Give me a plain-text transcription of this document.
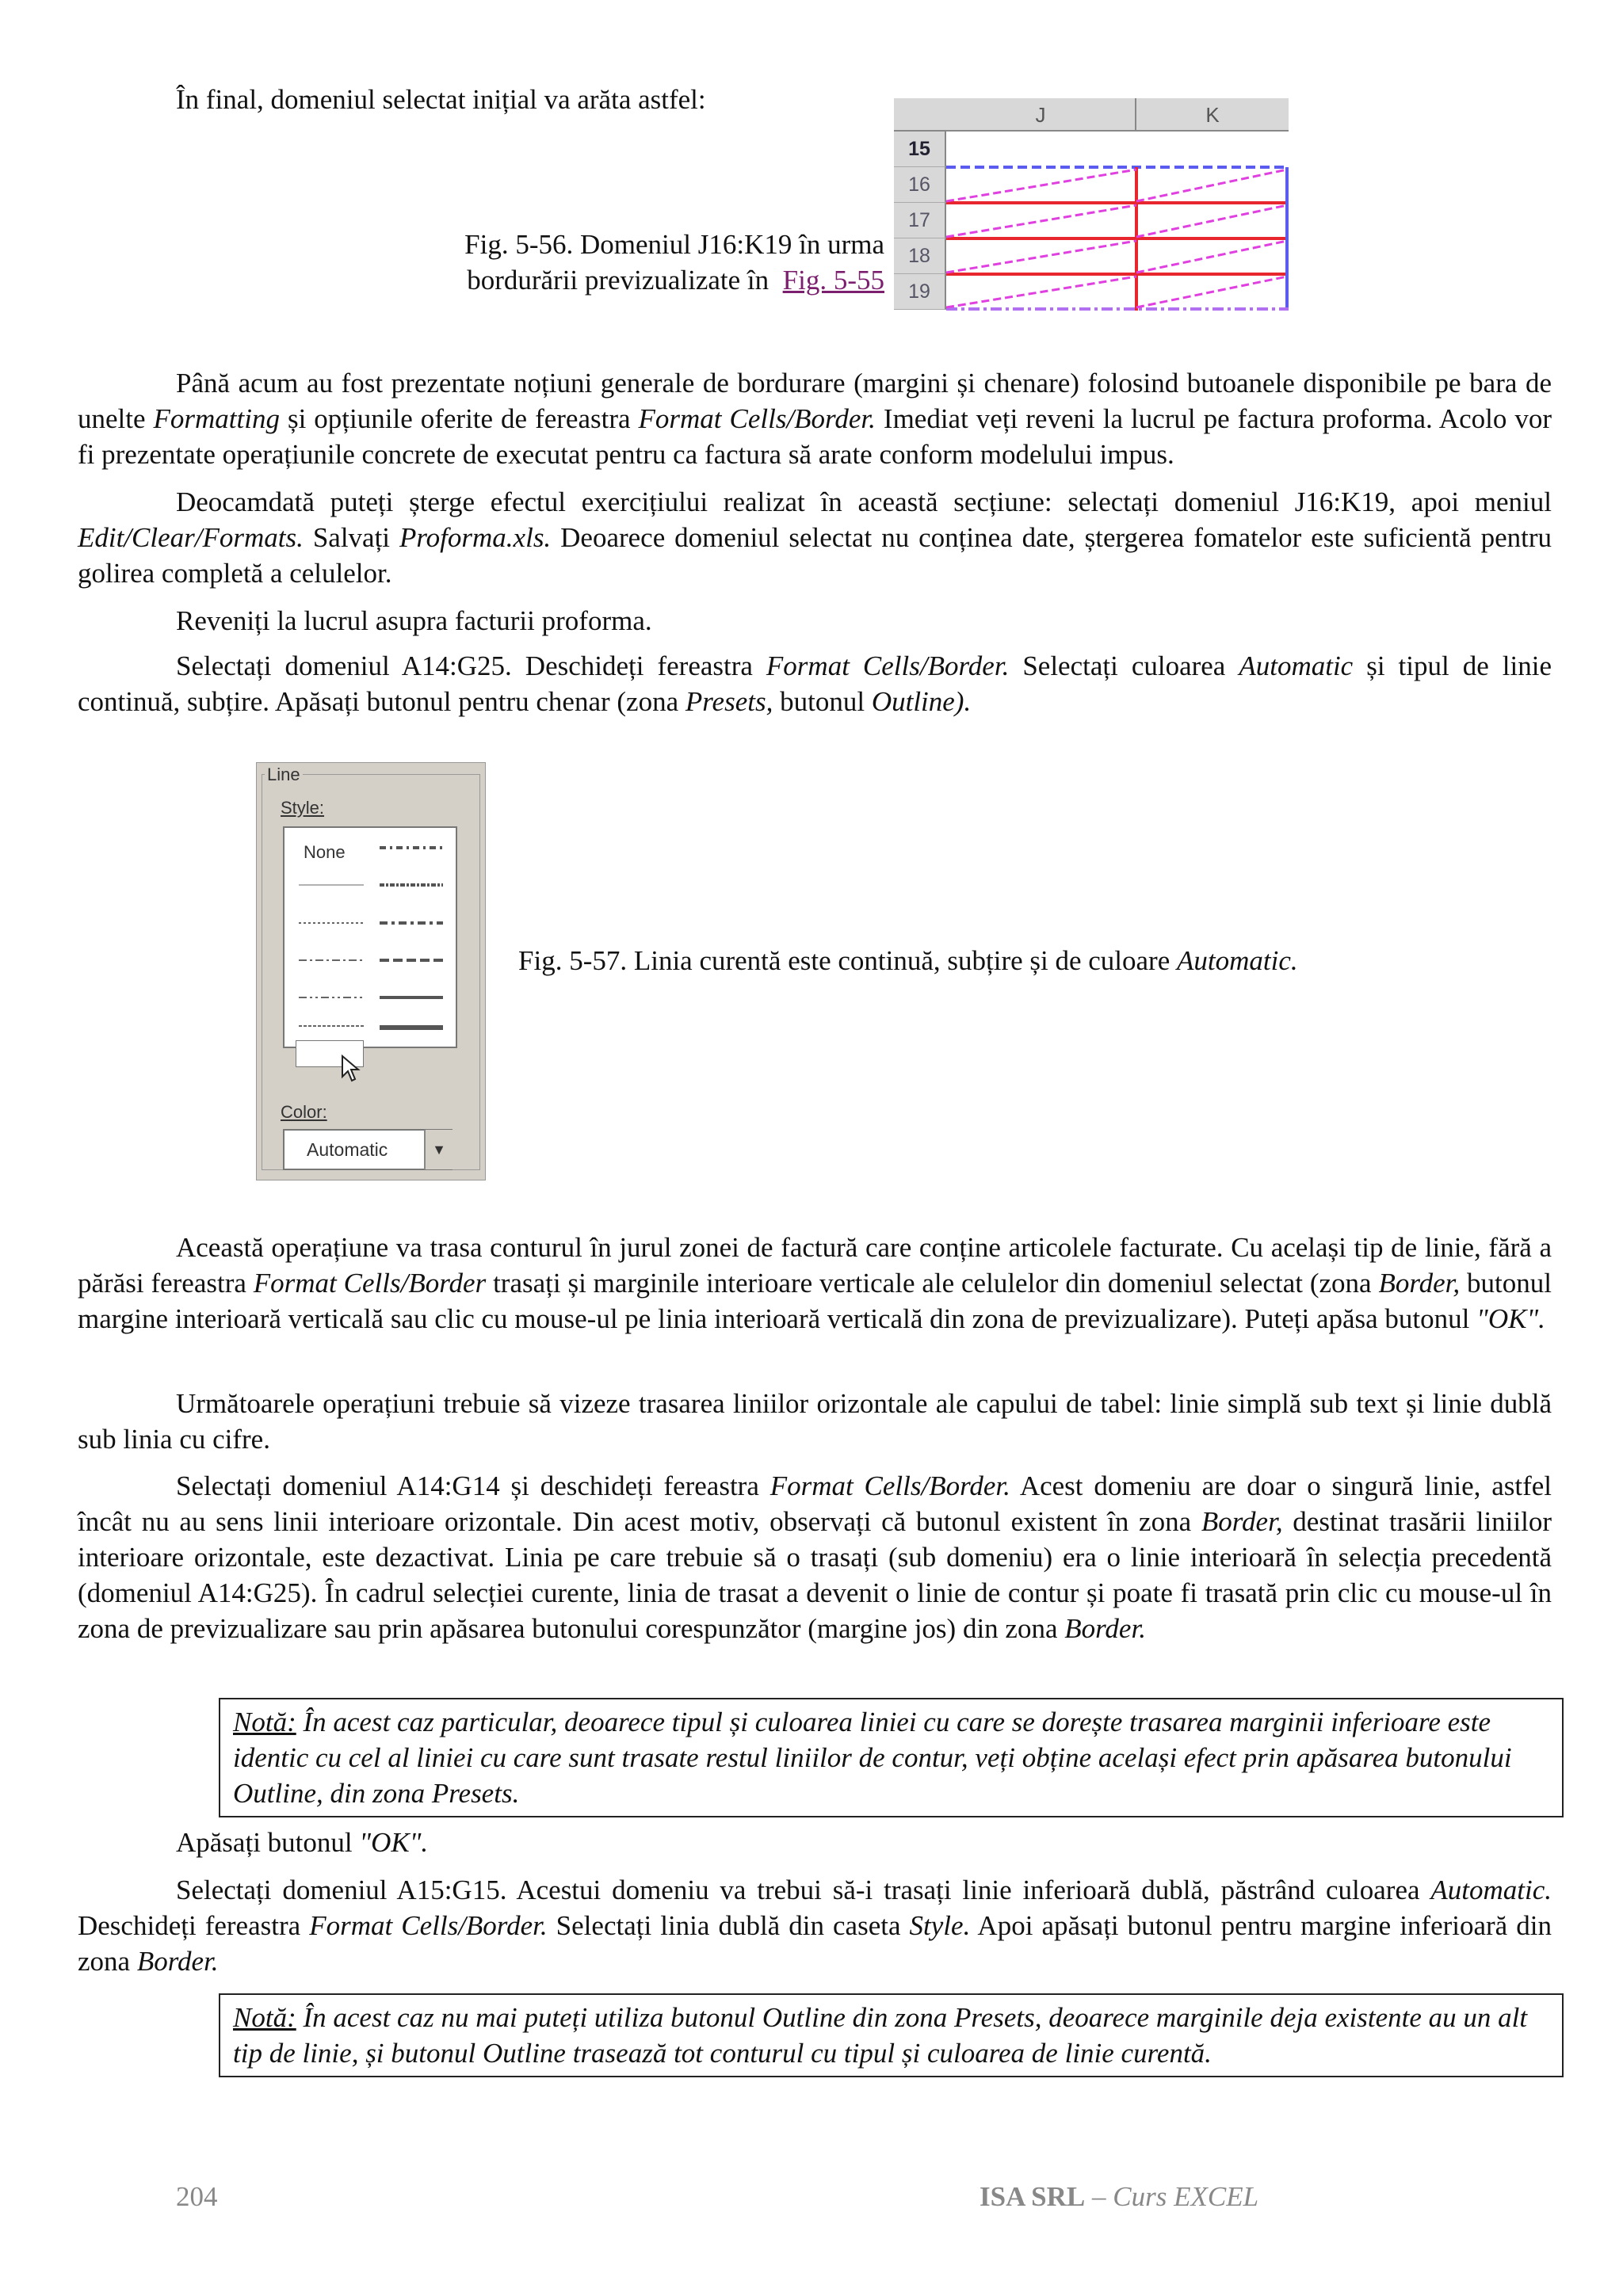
În final, domeniul selectat inițial va arăta astfel:	J	K
15
16
17
18
19
Fig. 5-56. Domeniul J16:K19 în urma
bordurării previzualizate în Fig. 5-55

Până acum au fost prezentate noțiuni generale de bordurare (margini și chenare) folosind butoanele disponibile pe bara de unelte Formatting și opțiunile oferite de fereastra Format Cells/Border. Imediat veți reveni la lucrul pe factura proforma. Acolo vor fi prezentate operațiunile concrete de executat pentru ca factura să arate conform modelului impus.

Deocamdată puteți șterge efectul exercițiului realizat în această secțiune: selectați domeniul J16:K19, apoi meniul Edit/Clear/Formats. Salvați Proforma.xls. Deoarece domeniul selectat nu conținea date, ștergerea fomatelor este suficientă pentru golirea completă a celulelor.

Reveniți la lucrul asupra facturii proforma.

Selectați domeniul A14:G25. Deschideți fereastra Format Cells/Border. Selectați culoarea Automatic și tipul de linie continuă, subțire. Apăsați butonul pentru chenar (zona Presets, butonul Outline).

Line
Style:
None
Color:
Automatic	▼
Fig. 5-57. Linia curentă este continuă, subțire și de culoare Automatic.

Această operațiune va trasa conturul în jurul zonei de factură care conține articolele facturate. Cu același tip de linie, fără a părăsi fereastra Format Cells/Border trasați și marginile interioare verticale ale celulelor din domeniul selectat (zona Border, butonul margine interioară verticală sau clic cu mouse-ul pe linia interioară verticală din zona de previzualizare). Puteți apăsa butonul "OK".

Următoarele operațiuni trebuie să vizeze trasarea liniilor orizontale ale capului de tabel: linie simplă sub text și linie dublă sub linia cu cifre.

Selectați domeniul A14:G14 și deschideți fereastra Format Cells/Border. Acest domeniu are doar o singură linie, astfel încât nu au sens linii interioare orizontale. Din acest motiv, observați că butonul existent în zona Border, destinat trasării liniilor interioare orizontale, este dezactivat. Linia pe care trebuie să o trasați (sub domeniu) era o linie interioară în selecția precedentă (domeniul A14:G25). În cadrul selecției curente, linia de trasat a devenit o linie de contur și poate fi trasată prin clic cu mouse-ul în zona de previzualizare sau prin apăsarea butonului corespunzător (margine jos) din zona Border.

Notă: În acest caz particular, deoarece tipul și culoarea liniei cu care se dorește trasarea marginii inferioare este identic cu cel al liniei cu care sunt trasate restul liniilor de contur, veți obține același efect prin apăsarea butonului Outline, din zona Presets.

Apăsați butonul "OK".

Selectați domeniul A15:G15. Acestui domeniu va trebui să-i trasați linie inferioară dublă, păstrând culoarea Automatic. Deschideți fereastra Format Cells/Border. Selectați linia dublă din caseta Style. Apoi apăsați butonul pentru margine inferioară din zona Border.

Notă: În acest caz nu mai puteți utiliza butonul Outline din zona Presets, deoarece marginile deja existente au un alt tip de linie, și butonul Outline trasează tot conturul cu tipul și culoarea de linie curentă.
204	ISA SRL – Curs EXCEL
